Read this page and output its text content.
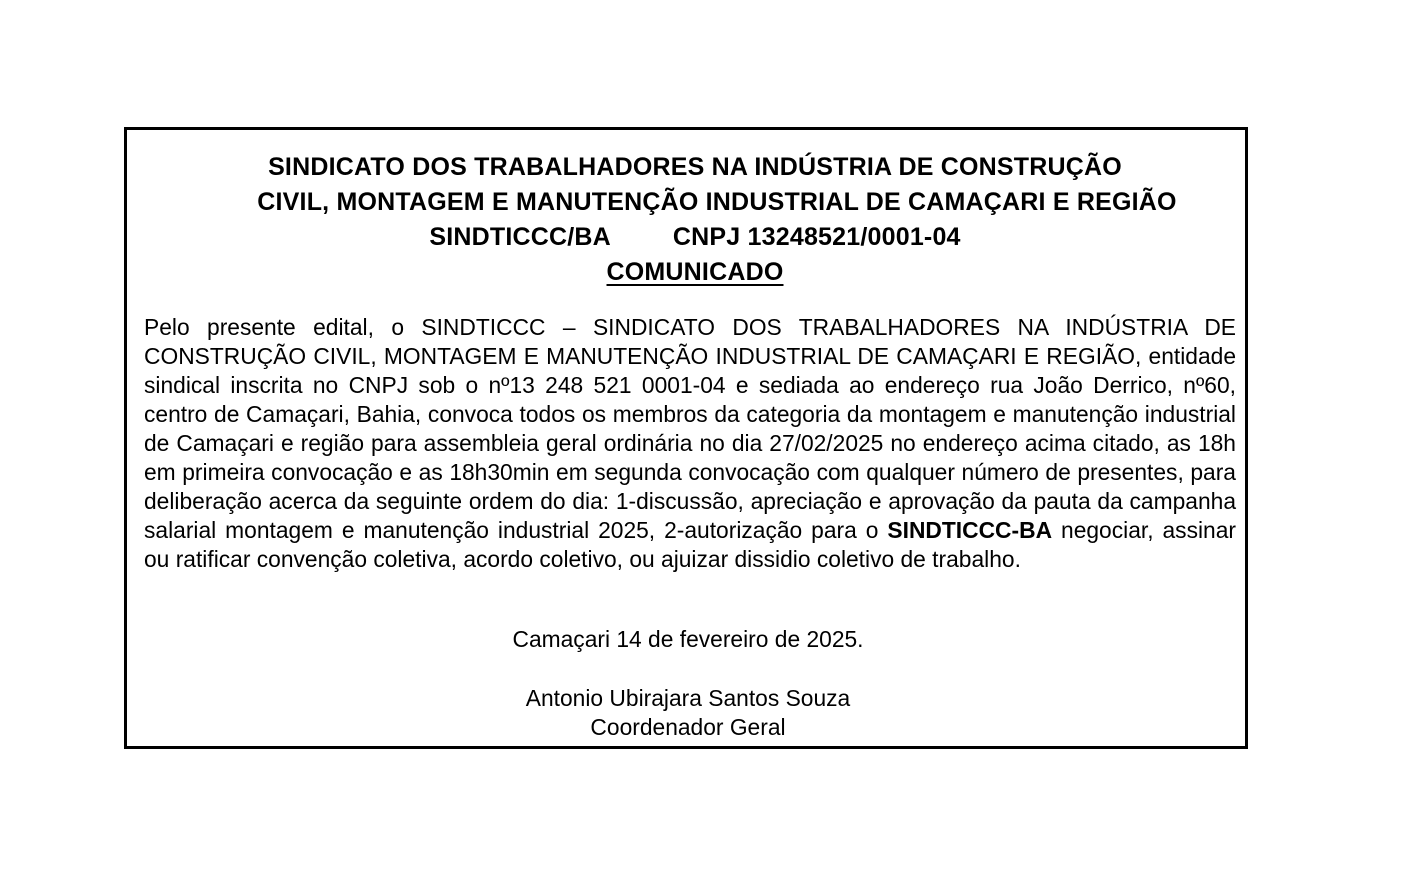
SINDICATO DOS TRABALHADORES NA INDÚSTRIA DE CONSTRUÇÃO
CIVIL, MONTAGEM E MANUTENÇÃO INDUSTRIAL DE CAMAÇARI E REGIÃO
SINDTICCC/BA CNPJ 13248521/0001-04
COMUNICADO
Pelo presente edital, o SINDTICCC – SINDICATO DOS TRABALHADORES NA INDÚSTRIA DE CONSTRUÇÃO CIVIL, MONTAGEM E MANUTENÇÃO INDUSTRIAL DE CAMAÇARI E REGIÃO, entidade sindical inscrita no CNPJ sob o nº13 248 521 0001-04 e sediada ao endereço rua João Derrico, nº60, centro de Camaçari, Bahia, convoca todos os membros da categoria da montagem e manutenção industrial de Camaçari e região para assembleia geral ordinária no dia 27/02/2025 no endereço acima citado, as 18h em primeira convocação e as 18h30min em segunda convocação com qualquer número de presentes, para deliberação acerca da seguinte ordem do dia: 1-discussão, apreciação e aprovação da pauta da campanha salarial montagem e manutenção industrial 2025, 2-autorização para o SINDTICCC-BA negociar, assinar ou ratificar convenção coletiva, acordo coletivo, ou ajuizar dissidio coletivo de trabalho.
Camaçari 14 de fevereiro de 2025.
Antonio Ubirajara Santos Souza
Coordenador Geral
